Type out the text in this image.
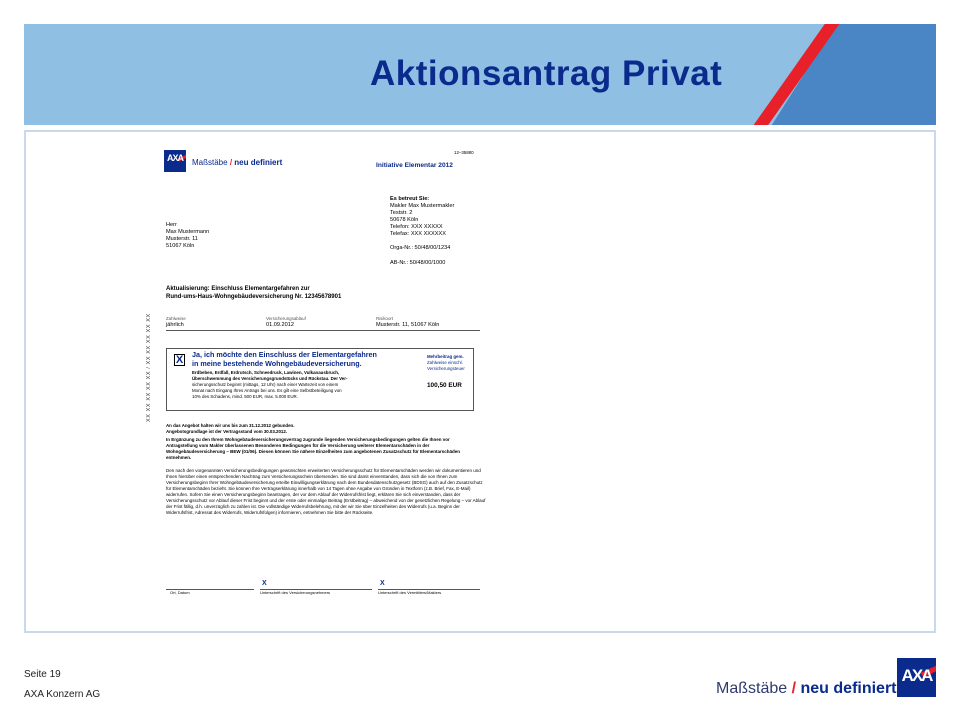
Aktionsantrag Privat
AXA	Maßstäbe / neu definiert
12–35880
Initiative Elementar 2012
Es betreut Sie:
Makler Max Mustermakler
Teststr. 2
50678 Köln
Telefon: XXX XXXXX
Telefax: XXX XXXXXX
Orga-Nr.: 50/48/00/1234
AB-Nr.: 50/48/00/1000
Herr
Max Mustermann
Musterstr. 11
51067 Köln
Aktualisierung: Einschluss Elementargefahren zur
Rund-ums-Haus-Wohngebäudeversicherung Nr. 12345678901
Zahlweise	Versicherungsablauf	Risikoort
jährlich	01.09.2012	Musterstr. 11, 51067 Köln
X Ja, ich möchte den Einschluss der Elementargefahren
in meine bestehende Wohngebäudeversicherung.
Erdbeben, Erdfall, Erdrutsch, Schneedruck, Lawinen, Vulkanausbruch,
Überschwemmung des Versicherungsgrundstücks und Rückstau. Der Ver-
sicherungsschutz beginnt (mittags, 12 Uhr) nach einer Wartezeit von einem
Monat nach Eingang Ihres Antrags bei uns. Es gilt eine Selbstbeteiligung von
10% des Schadens, mind. 500 EUR, max. 5.000 EUR.
Mehrbeitrag gem.
Zahlweise einschl.
Versicherungsteuer
100,50 EUR
XX XX XX XX XX / XX XX XX XX XX
An das Angebot halten wir uns bis zum 31.12.2012 gebunden.
Angebotsgrundlage ist der Vertragsstand vom 30.03.2012.
In Ergänzung zu den Ihrem Wohngebäudeversicherungsvertrag zugrunde liegenden Versicherungsbedingungen gelten die Ihnen vor Antragstellung vom Makler überlassenen Besonderen Bedingungen für die Versicherung weiterer Elementarschäden in der Wohngebäudeversicherung – BEW (01/06). Diesen können Sie nähere Einzelheiten zum angebotenen Zusatzschutz für Elementarschäden entnehmen.
Den nach den vorgenannten Versicherungsbedingungen gewünschten erweiterten Versicherungsschutz für Elementarschäden werden wir dokumentieren und Ihnen hierüber einen entsprechenden Nachtrag zum Versicherungsschein übersenden. Sie sind damit einverstanden, dass sich die von Ihnen zum Versicherungsbeginn Ihrer Wohngebäudeversicherung erteilte Einwilligungserklärung nach dem Bundesdatenschutzgesetz (BDSG) auch auf den Zusatzschutz für Elementarschäden bezieht. Sie können Ihre Vertragserklärung innerhalb von 14 Tagen ohne Angabe von Gründen in Textform (z.B. Brief, Fax, E-Mail) widerrufen. Sofern Sie einen Versicherungsbeginn beantragen, der vor dem Ablauf der Widerrufsfrist liegt, erklären Sie sich einverstanden, dass der Versicherungsschutz vor Ablauf dieser Frist beginnt und der erste oder einmalige Beitrag (Erstbeitrag) – abweichend von der gesetzlichen Regelung – vor Ablauf der Frist fällig, d.h. unverzüglich zu zahlen ist. Die vollständige Widerrufsbelehrung, mit der wir Sie über Einzelheiten des Widerrufs (u.a. Beginn der Widerrufsfrist, Adressat des Widerrufs, Widerrufsfolgen) informieren, entnehmen Sie bitte der Rückseite.
X	X
Ort, Datum	Unterschrift des Versicherungsnehmers	Unterschrift des Vermittlers/Maklers
Seite 19
AXA Konzern AG	Maßstäbe / neu definiert
AXA
